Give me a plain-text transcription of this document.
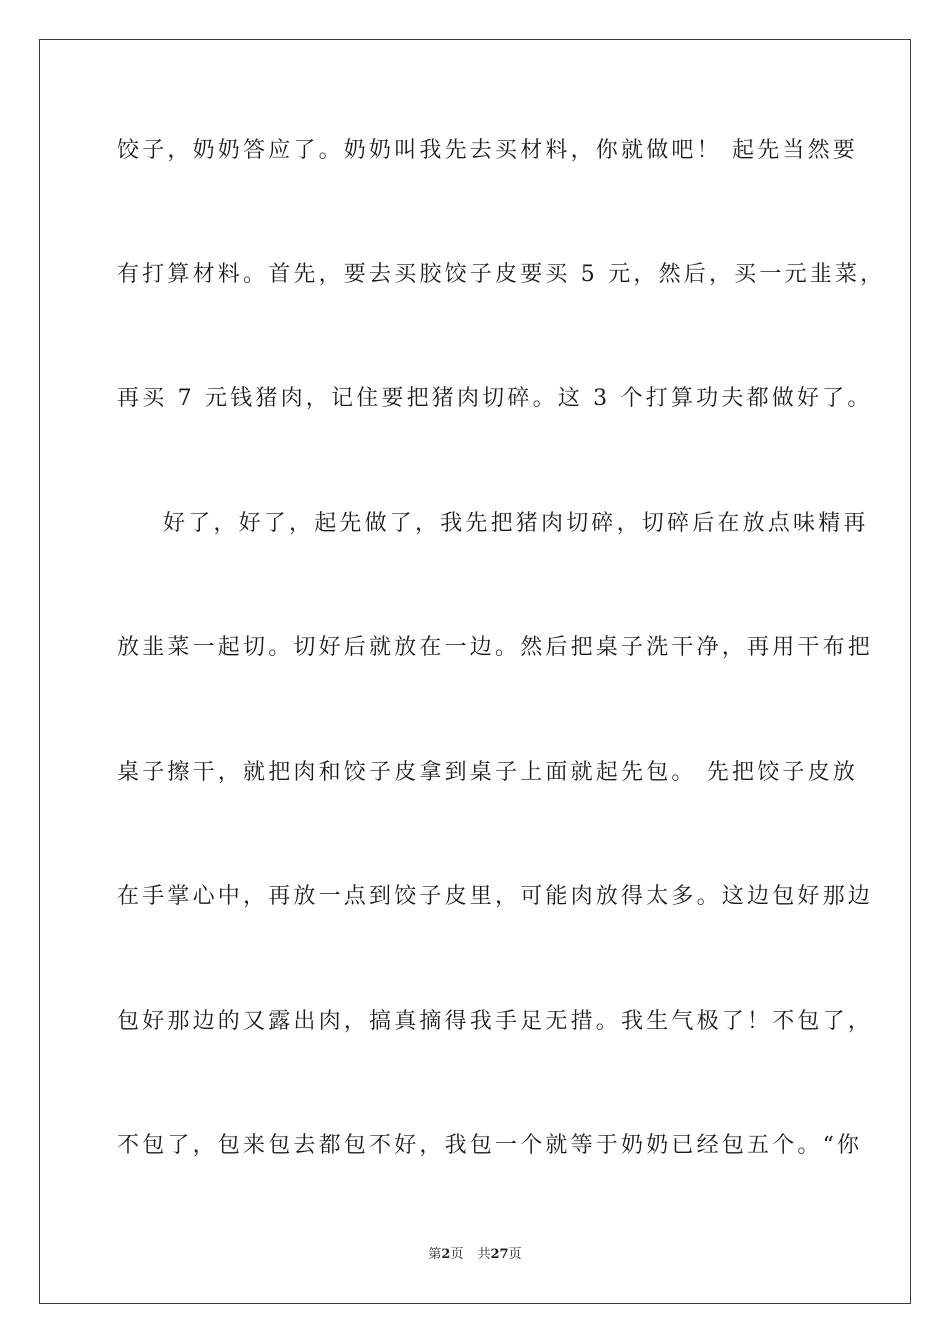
饺子，奶奶答应了。奶奶叫我先去买材料，你就做吧！ 起先当然要
有打算材料。首先，要去买胶饺子皮要买 5 元，然后，买一元韭菜，
再买 7 元钱猪肉，记住要把猪肉切碎。这 3 个打算功夫都做好了。
好了，好了，起先做了，我先把猪肉切碎，切碎后在放点味精再
放韭菜一起切。切好后就放在一边。然后把桌子洗干净，再用干布把
桌子擦干，就把肉和饺子皮拿到桌子上面就起先包。 先把饺子皮放
在手掌心中，再放一点到饺子皮里，可能肉放得太多。这边包好那边
包好那边的又露出肉，搞真摘得我手足无措。我生气极了！不包了，
不包了，包来包去都包不好，我包一个就等于奶奶已经包五个。“你
第2页 共27页
